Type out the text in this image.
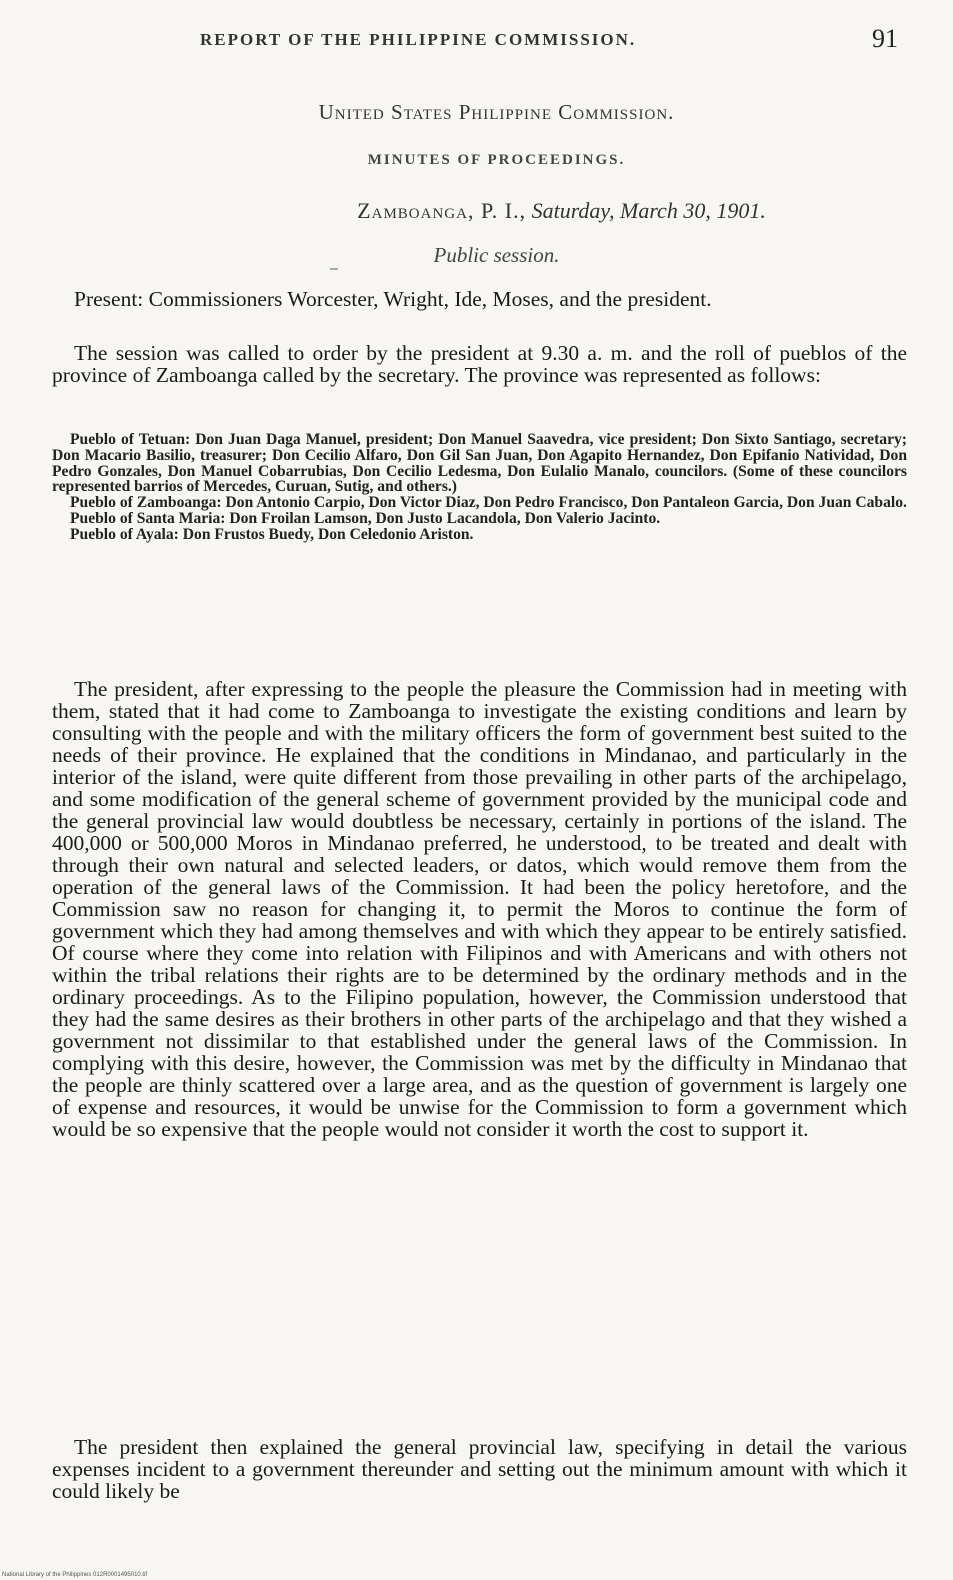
REPORT OF THE PHILIPPINE COMMISSION.	91
United States Philippine Commission.
MINUTES OF PROCEEDINGS.
Zamboanga, P. I., Saturday, March 30, 1901.
Public session.

Present: Commissioners Worcester, Wright, Ide, Moses, and the president.

The session was called to order by the president at 9.30 a. m. and the roll of pueblos of the province of Zamboanga called by the secretary. The province was represented as follows:

Pueblo of Tetuan: Don Juan Daga Manuel, president; Don Manuel Saavedra, vice president; Don Sixto Santiago, secretary; Don Macario Basilio, treasurer; Don Cecilio Alfaro, Don Gil San Juan, Don Agapito Hernandez, Don Epifanio Natividad, Don Pedro Gonzales, Don Manuel Cobarrubias, Don Cecilio Ledesma, Don Eulalio Manalo, councilors. (Some of these councilors represented barrios of Mercedes, Curuan, Sutig, and others.)

Pueblo of Zamboanga: Don Antonio Carpio, Don Victor Diaz, Don Pedro Francisco, Don Pantaleon Garcia, Don Juan Cabalo.

Pueblo of Santa Maria: Don Froilan Lamson, Don Justo Lacandola, Don Valerio Jacinto.

Pueblo of Ayala: Don Frustos Buedy, Don Celedonio Ariston.

The president, after expressing to the people the pleasure the Commission had in meeting with them, stated that it had come to Zamboanga to investigate the existing conditions and learn by consulting with the people and with the military officers the form of government best suited to the needs of their province. He explained that the conditions in Mindanao, and particularly in the interior of the island, were quite different from those prevailing in other parts of the archipelago, and some modification of the general scheme of government provided by the municipal code and the general provincial law would doubtless be necessary, certainly in portions of the island. The 400,000 or 500,000 Moros in Mindanao preferred, he understood, to be treated and dealt with through their own natural and selected leaders, or datos, which would remove them from the operation of the general laws of the Commission. It had been the policy heretofore, and the Commission saw no reason for changing it, to permit the Moros to continue the form of government which they had among themselves and with which they appear to be entirely satisfied. Of course where they come into relation with Filipinos and with Americans and with others not within the tribal relations their rights are to be determined by the ordinary methods and in the ordinary proceedings. As to the Filipino population, however, the Commission understood that they had the same desires as their brothers in other parts of the archipelago and that they wished a government not dissimilar to that established under the general laws of the Commission. In complying with this desire, however, the Commission was met by the difficulty in Mindanao that the people are thinly scattered over a large area, and as the question of government is largely one of expense and resources, it would be unwise for the Commission to form a government which would be so expensive that the people would not consider it worth the cost to support it.

The president then explained the general provincial law, specifying in detail the various expenses incident to a government thereunder and setting out the minimum amount with which it could likely be

National Library of the Philippines 012R0001495010.tif
